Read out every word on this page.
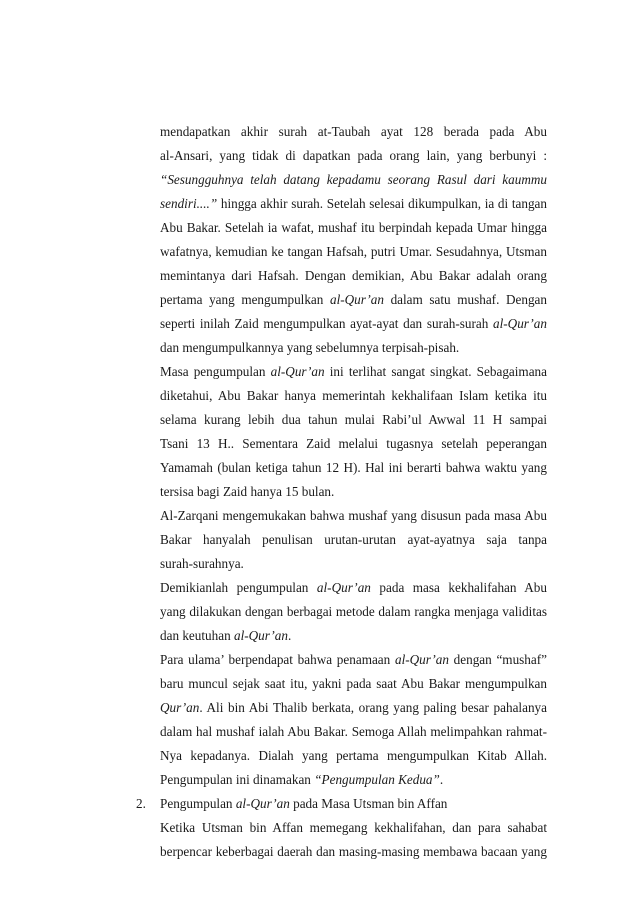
mendapatkan akhir surah at-Taubah ayat 128 berada pada Abu
al-Ansari, yang tidak di dapatkan pada orang lain, yang berbunyi :
“Sesungguhnya telah datang kepadamu seorang Rasul dari kaummu
sendiri....” hingga akhir surah. Setelah selesai dikumpulkan, ia di tangan
Abu Bakar. Setelah ia wafat, mushaf itu berpindah kepada Umar hingga
wafatnya, kemudian ke tangan Hafsah, putri Umar. Sesudahnya, Utsman
memintanya dari Hafsah. Dengan demikian, Abu Bakar adalah orang
pertama yang mengumpulkan al-Qur’an dalam satu mushaf. Dengan
seperti inilah Zaid mengumpulkan ayat-ayat dan surah-surah al-Qur’an
dan mengumpulkannya yang sebelumnya terpisah-pisah.
Masa pengumpulan al-Qur’an ini terlihat sangat singkat. Sebagaimana
diketahui, Abu Bakar hanya memerintah kekhalifaan Islam ketika itu
selama kurang lebih dua tahun mulai Rabi’ul Awwal 11 H sampai
Tsani 13 H.. Sementara Zaid melalui tugasnya setelah peperangan
Yamamah (bulan ketiga tahun 12 H). Hal ini berarti bahwa waktu yang
tersisa bagi Zaid hanya 15 bulan.
Al-Zarqani mengemukakan bahwa mushaf yang disusun pada masa Abu
Bakar hanyalah penulisan urutan-urutan ayat-ayatnya saja tanpa
surah-surahnya.
Demikianlah pengumpulan al-Qur’an pada masa kekhalifahan Abu
yang dilakukan dengan berbagai metode dalam rangka menjaga validitas
dan keutuhan al-Qur’an.
Para ulama’ berpendapat bahwa penamaan al-Qur’an dengan “mushaf”
baru muncul sejak saat itu, yakni pada saat Abu Bakar mengumpulkan
Qur’an. Ali bin Abi Thalib berkata, orang yang paling besar pahalanya
dalam hal mushaf ialah Abu Bakar. Semoga Allah melimpahkan rahmat-
Nya kepadanya. Dialah yang pertama mengumpulkan Kitab Allah.
Pengumpulan ini dinamakan “Pengumpulan Kedua”.
2. Pengumpulan al-Qur’an pada Masa Utsman bin Affan
Ketika Utsman bin Affan memegang kekhalifahan, dan para sahabat
berpencar keberbagai daerah dan masing-masing membawa bacaan yang
